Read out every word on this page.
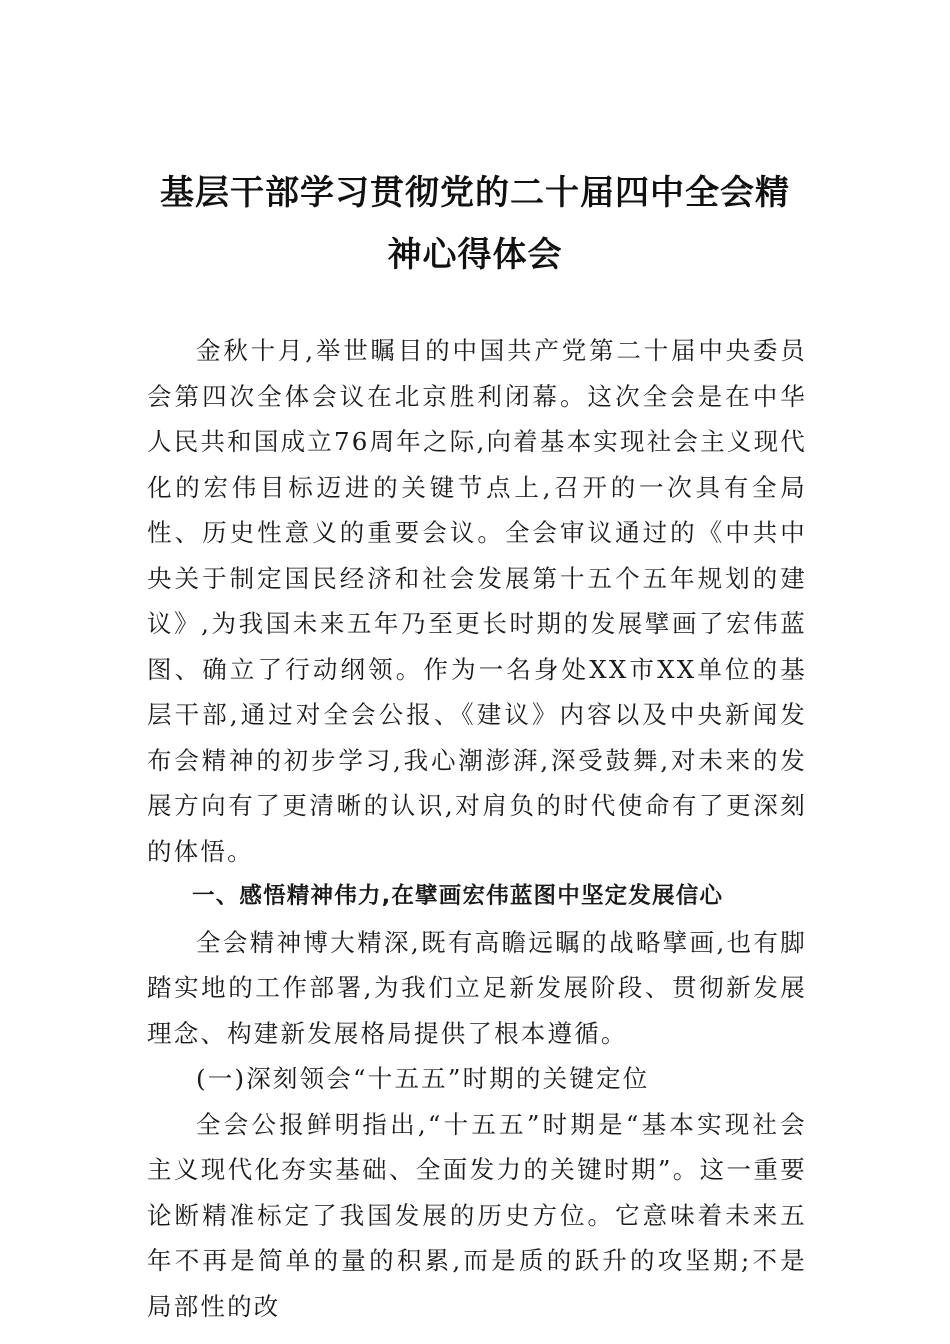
基层干部学习贯彻党的二十届四中全会精
神心得体会

金秋十月,举世瞩目的中国共产党第二十届中央委员会第四次全体会议在北京胜利闭幕。这次全会是在中华人民共和国成立76周年之际,向着基本实现社会主义现代化的宏伟目标迈进的关键节点上,召开的一次具有全局性、历史性意义的重要会议。全会审议通过的《中共中央关于制定国民经济和社会发展第十五个五年规划的建议》,为我国未来五年乃至更长时期的发展擘画了宏伟蓝图、确立了行动纲领。作为一名身处XX市XX单位的基层干部,通过对全会公报、《建议》内容以及中央新闻发布会精神的初步学习,我心潮澎湃,深受鼓舞,对未来的发展方向有了更清晰的认识,对肩负的时代使命有了更深刻的体悟。

一、感悟精神伟力,在擘画宏伟蓝图中坚定发展信心

全会精神博大精深,既有高瞻远瞩的战略擘画,也有脚踏实地的工作部署,为我们立足新发展阶段、贯彻新发展理念、构建新发展格局提供了根本遵循。

(一)深刻领会“十五五”时期的关键定位

全会公报鲜明指出,“十五五”时期是“基本实现社会主义现代化夯实基础、全面发力的关键时期”。这一重要论断精准标定了我国发展的历史方位。它意味着未来五年不再是简单的量的积累,而是质的跃升的攻坚期;不是局部性的改
